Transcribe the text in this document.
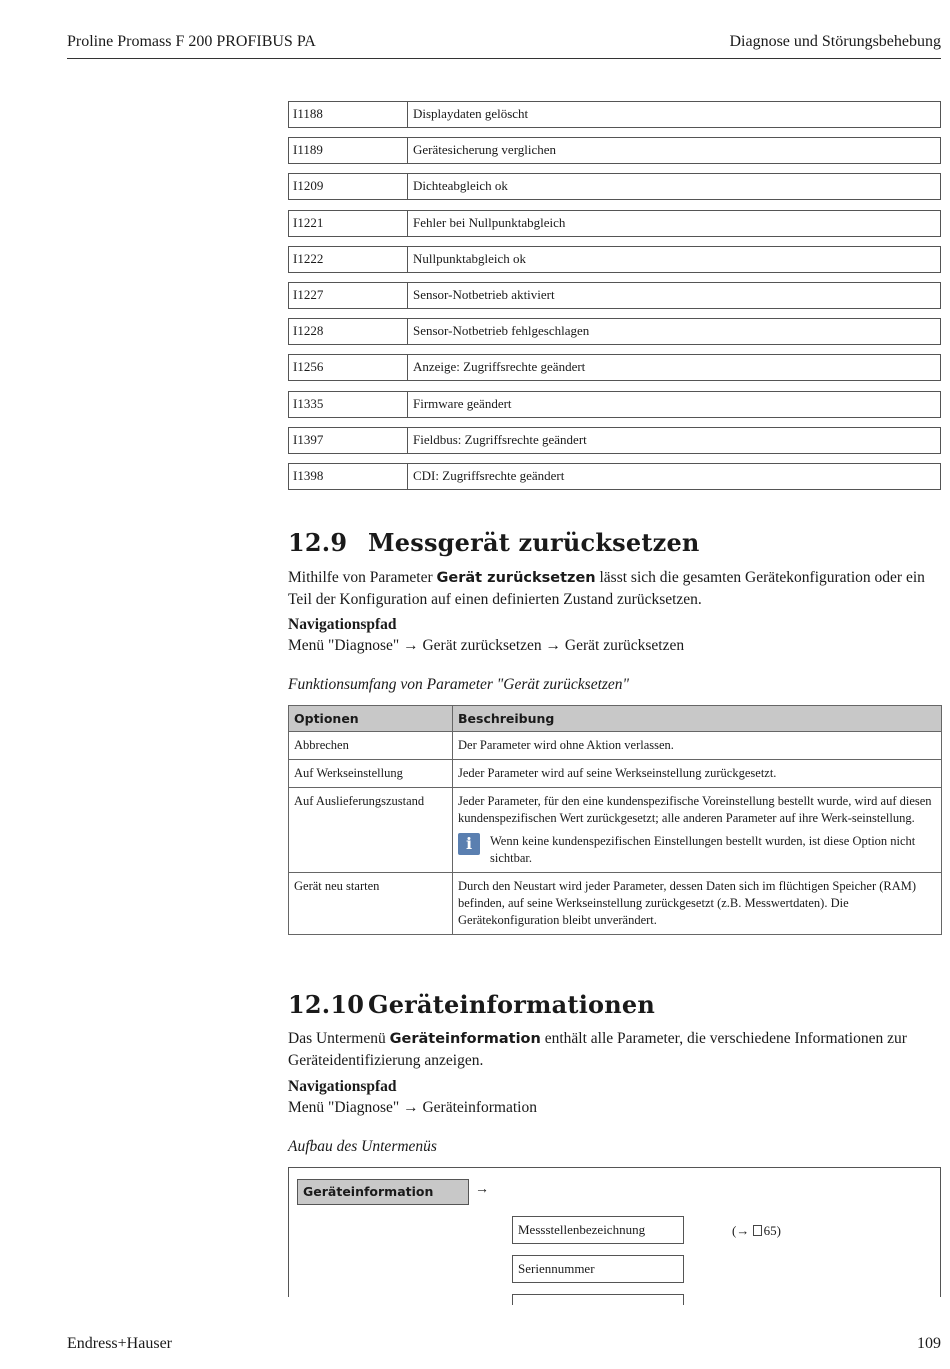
Proline Promass F 200 PROFIBUS PA	Diagnose und Störungsbehebung
I1188	Displaydaten gelöscht
I1189	Gerätesicherung verglichen
I1209	Dichteabgleich ok
I1221	Fehler bei Nullpunktabgleich
I1222	Nullpunktabgleich ok
I1227	Sensor-Notbetrieb aktiviert
I1228	Sensor-Notbetrieb fehlgeschlagen
I1256	Anzeige: Zugriffsrechte geändert
I1335	Firmware geändert
I1397	Fieldbus: Zugriffsrechte geändert
I1398	CDI: Zugriffsrechte geändert
12.9 Messgerät zurücksetzen
Mithilfe von Parameter Gerät zurücksetzen lässt sich die gesamten Gerätekonfiguration oder ein Teil der Konfiguration auf einen definierten Zustand zurücksetzen.
Navigationspfad
Menü "Diagnose" → Gerät zurücksetzen → Gerät zurücksetzen
Funktionsumfang von Parameter "Gerät zurücksetzen"
Optionen	Beschreibung
Abbrechen	Der Parameter wird ohne Aktion verlassen.
Auf Werkseinstellung	Jeder Parameter wird auf seine Werkseinstellung zurückgesetzt.
Auf Auslieferungszustand	Jeder Parameter, für den eine kundenspezifische Voreinstellung bestellt wurde, wird auf diesen kundenspezifischen Wert zurückgesetzt; alle anderen Parameter auf ihre Werk-seinstellung.
i Wenn keine kundenspezifischen Einstellungen bestellt wurden, ist diese Option nicht sichtbar.

Gerät neu starten	Durch den Neustart wird jeder Parameter, dessen Daten sich im flüchtigen Speicher (RAM) befinden, auf seine Werkseinstellung zurückgesetzt (z.B. Messwertdaten). Die Gerätekonfiguration bleibt unverändert.
12.10 Geräteinformationen
Das Untermenü Geräteinformation enthält alle Parameter, die verschiedene Informationen zur Geräteidentifizierung anzeigen.
Navigationspfad
Menü "Diagnose" → Geräteinformation
Aufbau des Untermenüs
Geräteinformation	→
Messstellenbezeichnung	(→ 65)
Seriennummer
Endress+Hauser	109
